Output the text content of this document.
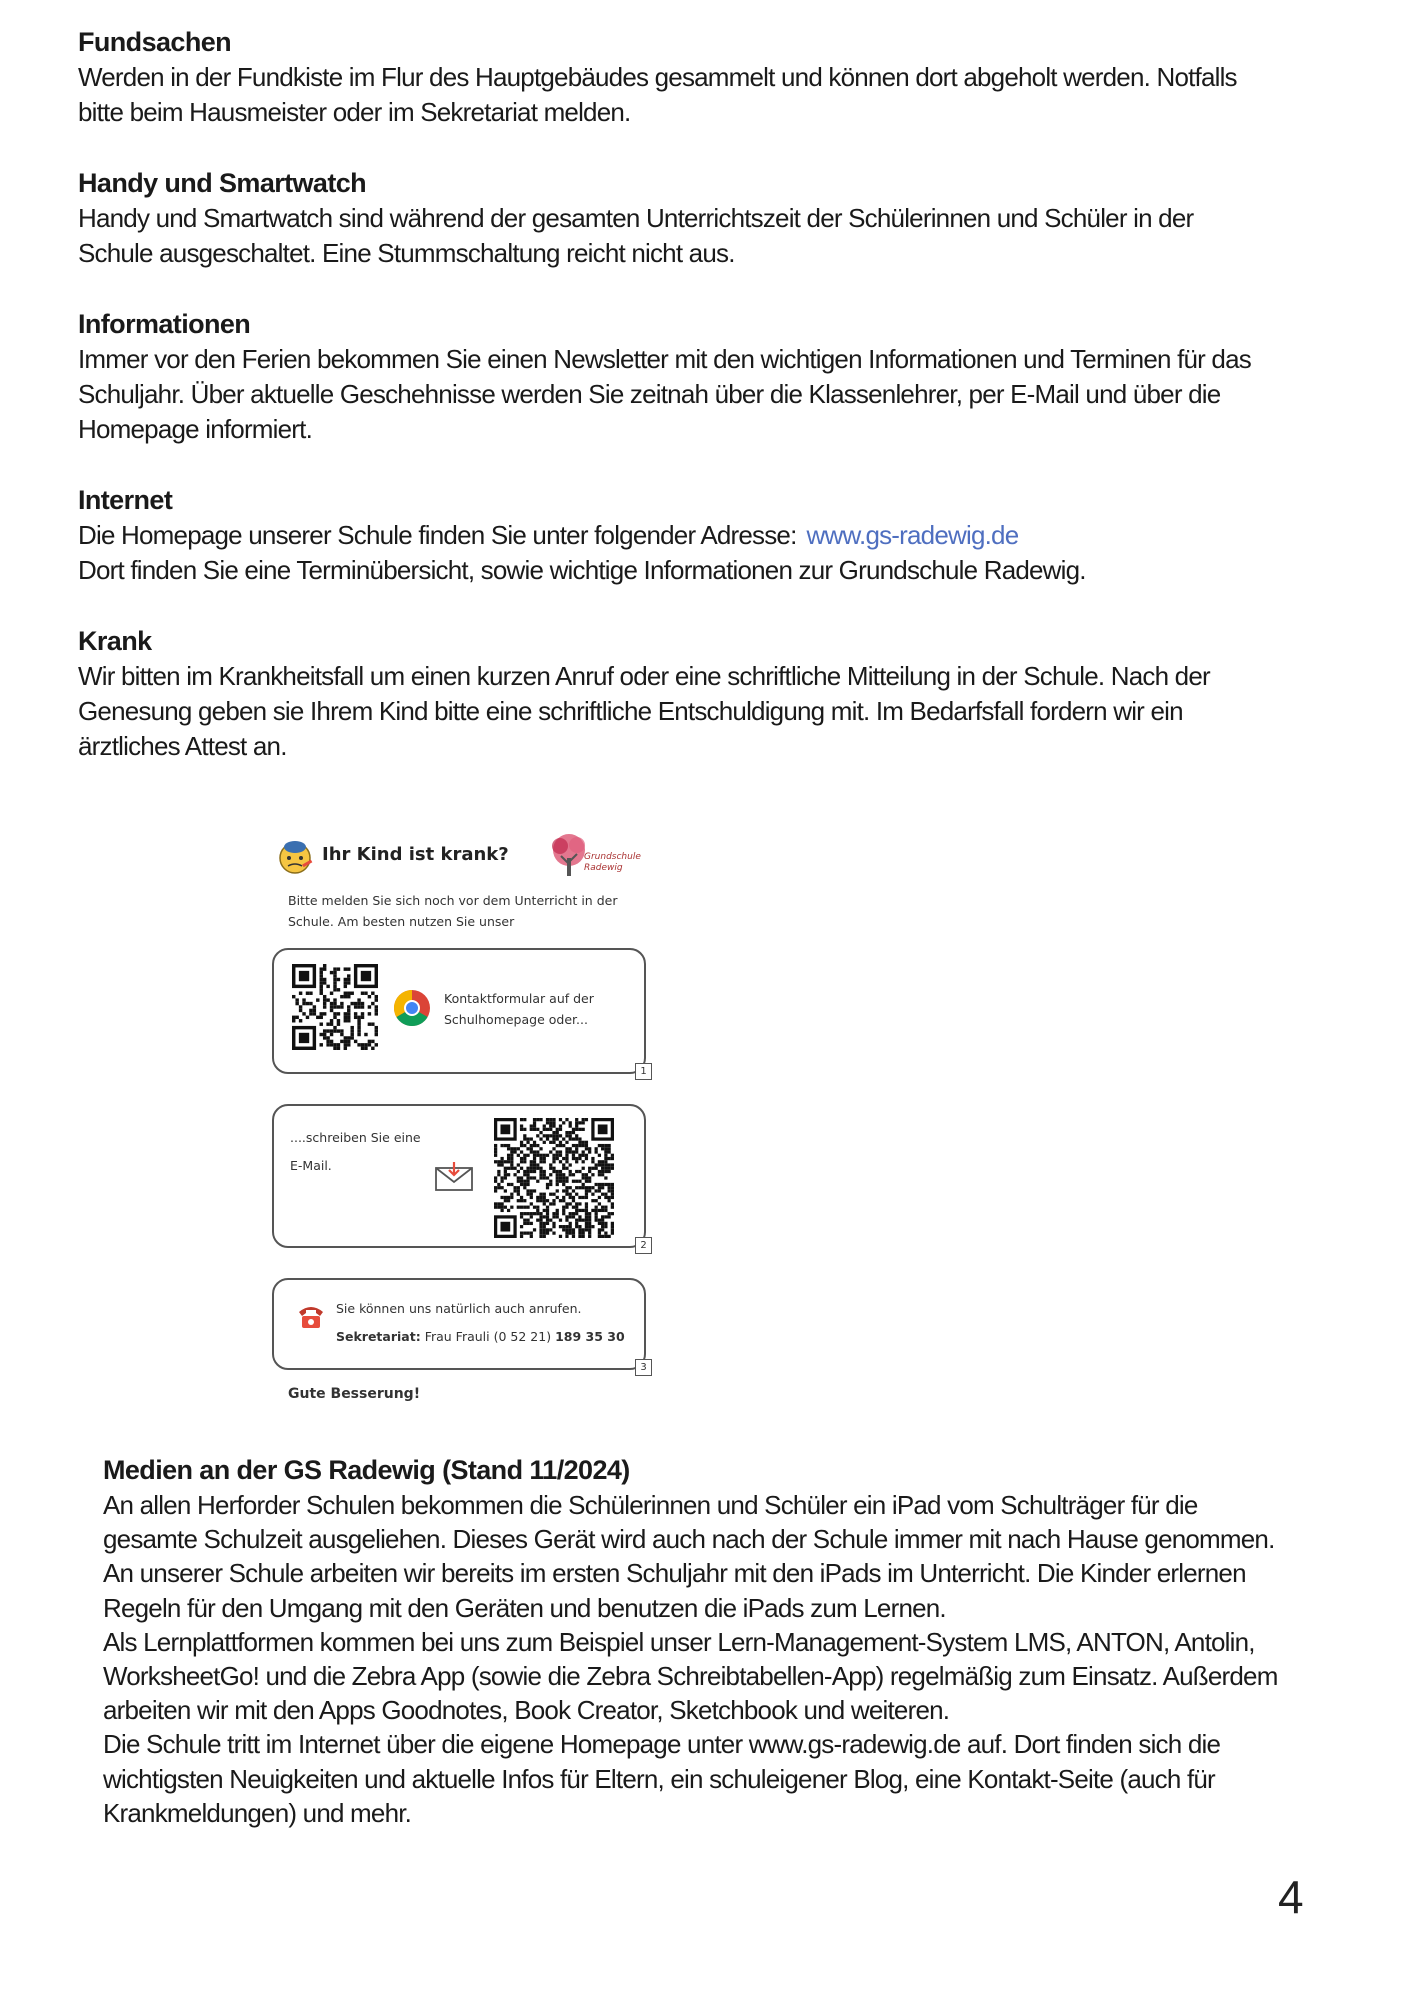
Fundsachen

Werden in der Fundkiste im Flur des Hauptgebäudes gesammelt und können dort abgeholt werden. Notfalls
bitte beim Hausmeister oder im Sekretariat melden.

Handy und Smartwatch

Handy und Smartwatch sind während der gesamten Unterrichtszeit der Schülerinnen und Schüler in der
Schule ausgeschaltet. Eine Stummschaltung reicht nicht aus.

Informationen

Immer vor den Ferien bekommen Sie einen Newsletter mit den wichtigen Informationen und Terminen für das
Schuljahr. Über aktuelle Geschehnisse werden Sie zeitnah über die Klassenlehrer, per E-Mail und über die
Homepage informiert.

Internet

Die Homepage unserer Schule finden Sie unter folgender Adresse: www.gs-radewig.de

Dort finden Sie eine Terminübersicht, sowie wichtige Informationen zur Grundschule Radewig.

Krank

Wir bitten im Krankheitsfall um einen kurzen Anruf oder eine schriftliche Mitteilung in der Schule. Nach der
Genesung geben sie Ihrem Kind bitte eine schriftliche Entschuldigung mit. Im Bedarfsfall fordern wir ein
ärztliches Attest an.

Ihr Kind ist krank?	Grundschule Radewig
Bitte melden Sie sich noch vor dem Unterricht in der
Schule. Am besten nutzen Sie unser
Kontaktformular auf der
Schulhomepage oder...
1
....schreiben Sie eine
E-Mail.
2
Sie können uns natürlich auch anrufen.
Sekretariat: Frau Frauli (0 52 21) 189 35 30
3
Gute Besserung!

Medien an der GS Radewig (Stand 11/2024)

An allen Herforder Schulen bekommen die Schülerinnen und Schüler ein iPad vom Schulträger für die
gesamte Schulzeit ausgeliehen. Dieses Gerät wird auch nach der Schule immer mit nach Hause genommen.
An unserer Schule arbeiten wir bereits im ersten Schuljahr mit den iPads im Unterricht. Die Kinder erlernen
Regeln für den Umgang mit den Geräten und benutzen die iPads zum Lernen.
Als Lernplattformen kommen bei uns zum Beispiel unser Lern-Management-System LMS, ANTON, Antolin,
WorksheetGo! und die Zebra App (sowie die Zebra Schreibtabellen-App) regelmäßig zum Einsatz. Außerdem
arbeiten wir mit den Apps Goodnotes, Book Creator, Sketchbook und weiteren.
Die Schule tritt im Internet über die eigene Homepage unter www.gs-radewig.de auf. Dort finden sich die
wichtigsten Neuigkeiten und aktuelle Infos für Eltern, ein schuleigener Blog, eine Kontakt-Seite (auch für
Krankmeldungen) und mehr.

4
